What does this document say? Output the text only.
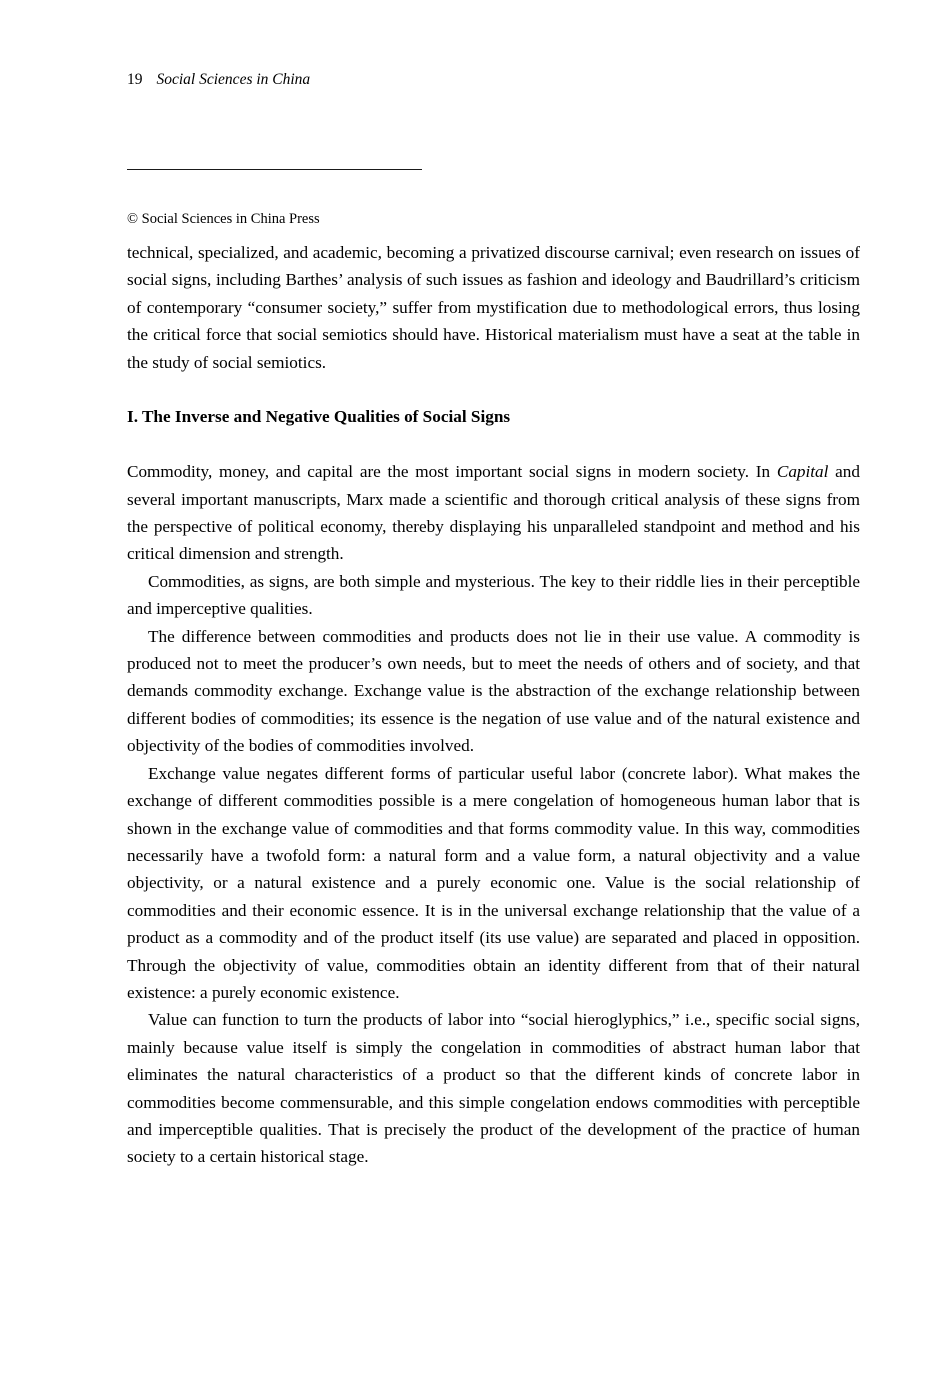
19 Social Sciences in China
© Social Sciences in China Press

technical, specialized, and academic, becoming a privatized discourse carnival; even research on issues of social signs, including Barthes’ analysis of such issues as fashion and ideology and Baudrillard’s criticism of contemporary “consumer society,” suffer from mystification due to methodological errors, thus losing the critical force that social semiotics should have. Historical materialism must have a seat at the table in the study of social semiotics.

I. The Inverse and Negative Qualities of Social Signs

Commodity, money, and capital are the most important social signs in modern society. In Capital and several important manuscripts, Marx made a scientific and thorough critical analysis of these signs from the perspective of political economy, thereby displaying his unparalleled standpoint and method and his critical dimension and strength.

Commodities, as signs, are both simple and mysterious. The key to their riddle lies in their perceptible and imperceptive qualities.

The difference between commodities and products does not lie in their use value. A commodity is produced not to meet the producer’s own needs, but to meet the needs of others and of society, and that demands commodity exchange. Exchange value is the abstraction of the exchange relationship between different bodies of commodities; its essence is the negation of use value and of the natural existence and objectivity of the bodies of commodities involved.

Exchange value negates different forms of particular useful labor (concrete labor). What makes the exchange of different commodities possible is a mere congelation of homogeneous human labor that is shown in the exchange value of commodities and that forms commodity value. In this way, commodities necessarily have a twofold form: a natural form and a value form, a natural objectivity and a value objectivity, or a natural existence and a purely economic one. Value is the social relationship of commodities and their economic essence. It is in the universal exchange relationship that the value of a product as a commodity and of the product itself (its use value) are separated and placed in opposition. Through the objectivity of value, commodities obtain an identity different from that of their natural existence: a purely economic existence.

Value can function to turn the products of labor into “social hieroglyphics,” i.e., specific social signs, mainly because value itself is simply the congelation in commodities of abstract human labor that eliminates the natural characteristics of a product so that the different kinds of concrete labor in commodities become commensurable, and this simple congelation endows commodities with perceptible and imperceptible qualities. That is precisely the product of the development of the practice of human society to a certain historical stage.
